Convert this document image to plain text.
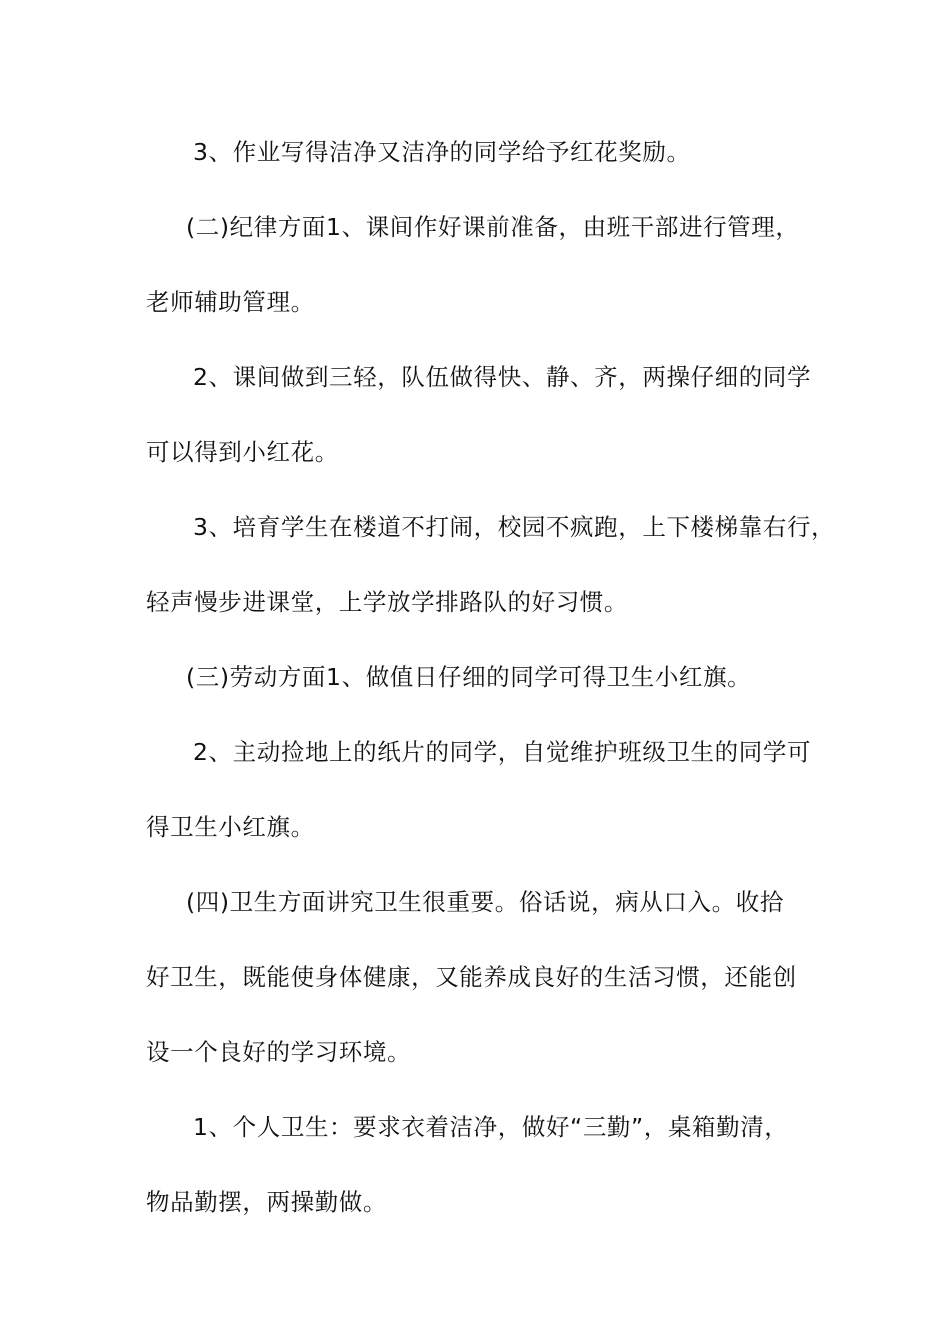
3、作业写得洁净又洁净的同学给予红花奖励。
(二)纪律方面1、课间作好课前准备，由班干部进行管理，
老师辅助管理。
2、课间做到三轻，队伍做得快、静、齐，两操仔细的同学
可以得到小红花。
3、培育学生在楼道不打闹，校园不疯跑，上下楼梯靠右行，
轻声慢步进课堂，上学放学排路队的好习惯。
(三)劳动方面1、做值日仔细的同学可得卫生小红旗。
2、主动捡地上的纸片的同学，自觉维护班级卫生的同学可
得卫生小红旗。
(四)卫生方面讲究卫生很重要。俗话说，病从口入。收拾
好卫生，既能使身体健康，又能养成良好的生活习惯，还能创
设一个良好的学习环境。
1、个人卫生：要求衣着洁净，做好“三勤”，桌箱勤清，
物品勤摆，两操勤做。
